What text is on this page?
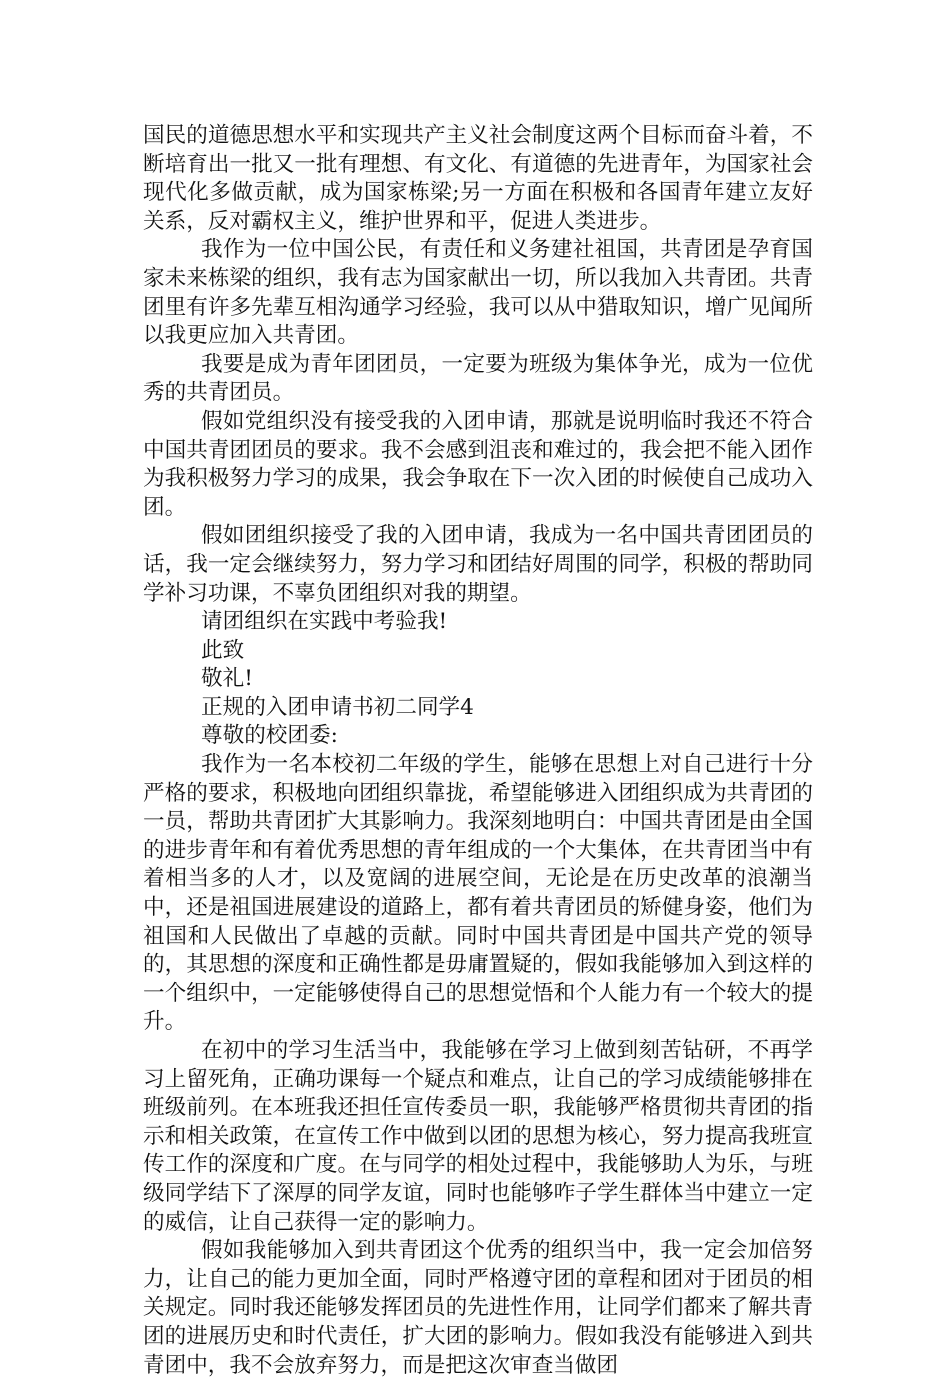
国民的道德思想水平和实现共产主义社会制度这两个目标而奋斗着，不断培育出一批又一批有理想、有文化、有道德的先进青年，为国家社会现代化多做贡献，成为国家栋梁;另一方面在积极和各国青年建立友好关系，反对霸权主义，维护世界和平，促进人类进步。

我作为一位中国公民，有责任和义务建社祖国，共青团是孕育国家未来栋梁的组织，我有志为国家献出一切，所以我加入共青团。共青团里有许多先辈互相沟通学习经验，我可以从中猎取知识，增广见闻所以我更应加入共青团。

我要是成为青年团团员，一定要为班级为集体争光，成为一位优秀的共青团员。

假如党组织没有接受我的入团申请，那就是说明临时我还不符合中国共青团团员的要求。我不会感到沮丧和难过的，我会把不能入团作为我积极努力学习的成果，我会争取在下一次入团的时候使自己成功入团。

假如团组织接受了我的入团申请，我成为一名中国共青团团员的话，我一定会继续努力，努力学习和团结好周围的同学，积极的帮助同学补习功课，不辜负团组织对我的期望。

请团组织在实践中考验我!

此致

敬礼!

正规的入团申请书初二同学4

尊敬的校团委:

我作为一名本校初二年级的学生，能够在思想上对自己进行十分严格的要求，积极地向团组织靠拢，希望能够进入团组织成为共青团的一员，帮助共青团扩大其影响力。我深刻地明白：中国共青团是由全国的进步青年和有着优秀思想的青年组成的一个大集体，在共青团当中有着相当多的人才，以及宽阔的进展空间，无论是在历史改革的浪潮当中，还是祖国进展建设的道路上，都有着共青团员的矫健身姿，他们为祖国和人民做出了卓越的贡献。同时中国共青团是中国共产党的领导的，其思想的深度和正确性都是毋庸置疑的，假如我能够加入到这样的一个组织中，一定能够使得自己的思想觉悟和个人能力有一个较大的提升。

在初中的学习生活当中，我能够在学习上做到刻苦钻研，不再学习上留死角，正确功课每一个疑点和难点，让自己的学习成绩能够排在班级前列。在本班我还担任宣传委员一职，我能够严格贯彻共青团的指示和相关政策，在宣传工作中做到以团的思想为核心，努力提高我班宣传工作的深度和广度。在与同学的相处过程中，我能够助人为乐，与班级同学结下了深厚的同学友谊，同时也能够咋子学生群体当中建立一定的威信，让自己获得一定的影响力。

假如我能够加入到共青团这个优秀的组织当中，我一定会加倍努力，让自己的能力更加全面，同时严格遵守团的章程和团对于团员的相关规定。同时我还能够发挥团员的先进性作用，让同学们都来了解共青团的进展历史和时代责任，扩大团的影响力。假如我没有能够进入到共青团中，我不会放弃努力，而是把这次审查当做团
